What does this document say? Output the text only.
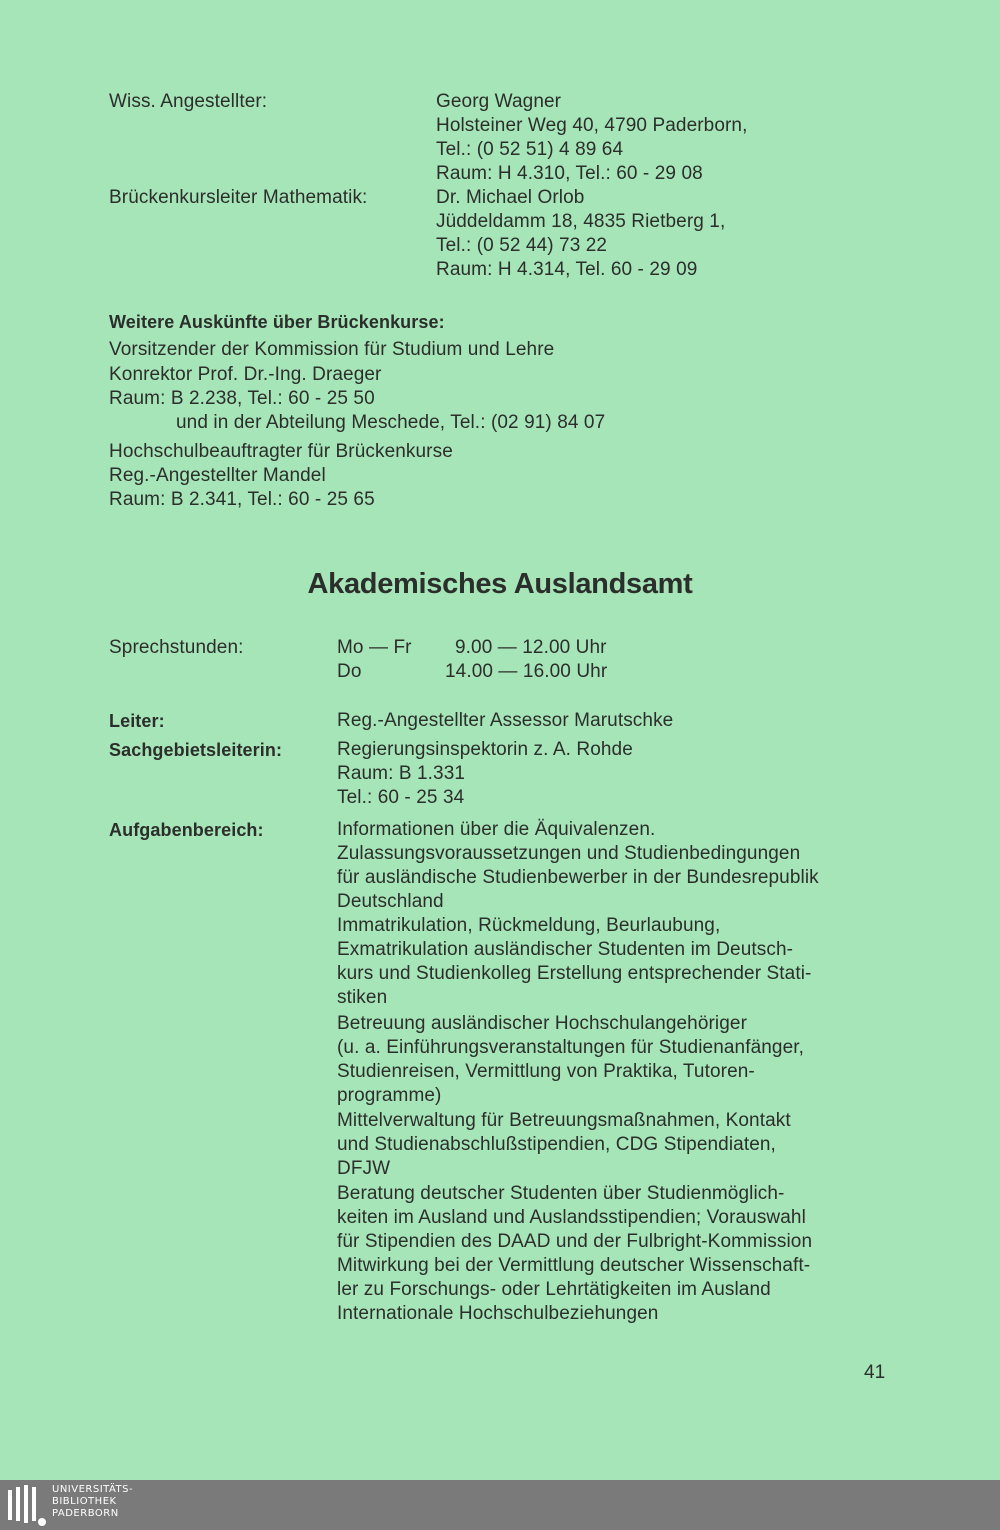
Wiss. Angestellter:	Georg Wagner
Holsteiner Weg 40, 4790 Paderborn,
Tel.: (0 52 51) 4 89 64
Raum: H 4.310, Tel.: 60 - 29 08
Brückenkursleiter Mathematik:	Dr. Michael Orlob
Jüddeldamm 18, 4835 Rietberg 1,
Tel.: (0 52 44) 73 22
Raum: H 4.314, Tel. 60 - 29 09
Weitere Auskünfte über Brückenkurse:
Vorsitzender der Kommission für Studium und Lehre
Konrektor Prof. Dr.-Ing. Draeger
Raum: B 2.238, Tel.: 60 - 25 50
und in der Abteilung Meschede, Tel.: (02 91) 84 07
Hochschulbeauftragter für Brückenkurse
Reg.-Angestellter Mandel
Raum: B 2.341, Tel.: 60 - 25 65
Akademisches Auslandsamt
Sprechstunden:	Mo — Fr 9.00 — 12.00 Uhr
Do	14.00 — 16.00 Uhr
Leiter:	Reg.-Angestellter Assessor Marutschke
Sachgebietsleiterin:	Regierungsinspektorin z. A. Rohde
Raum: B 1.331
Tel.: 60 - 25 34
Aufgabenbereich:	Informationen über die Äquivalenzen.
Zulassungsvoraussetzungen und Studienbedingungen
für ausländische Studienbewerber in der Bundesrepublik
Deutschland
Immatrikulation, Rückmeldung, Beurlaubung,
Exmatrikulation ausländischer Studenten im Deutsch-
kurs und Studienkolleg Erstellung entsprechender Stati-
stiken
Betreuung ausländischer Hochschulangehöriger
(u. a. Einführungsveranstaltungen für Studienanfänger,
Studienreisen, Vermittlung von Praktika, Tutoren-
programme)
Mittelverwaltung für Betreuungsmaßnahmen, Kontakt
und Studienabschlußstipendien, CDG Stipendiaten,
DFJW
Beratung deutscher Studenten über Studienmöglich-
keiten im Ausland und Auslandsstipendien; Vorauswahl
für Stipendien des DAAD und der Fulbright-Kommission
Mitwirkung bei der Vermittlung deutscher Wissenschaft-
ler zu Forschungs- oder Lehrtätigkeiten im Ausland
Internationale Hochschulbeziehungen
41
UNIVERSITÄTS-
BIBLIOTHEK
PADERBORN
